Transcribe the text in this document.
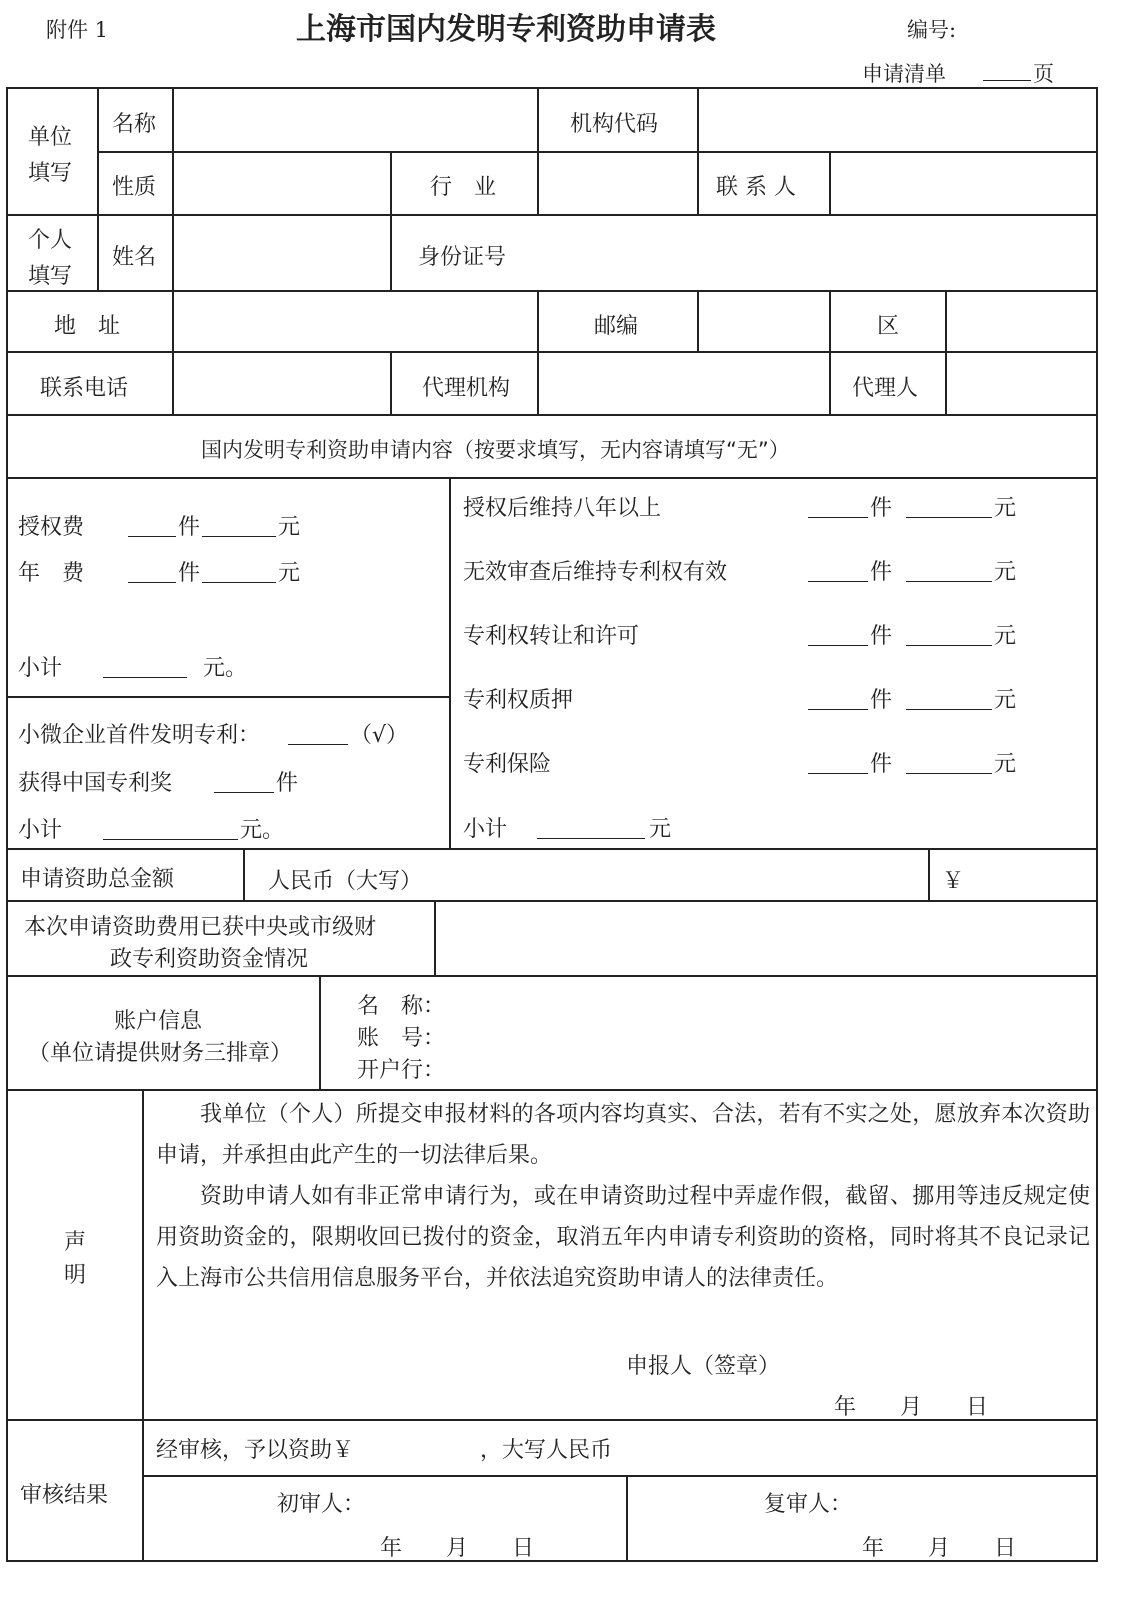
附件 1	上海市国内发明专利资助申请表	编号:
申请清单	页
单位
填写
名称	机构代码
性质	行　业	联 系 人
个人
填写
姓名	身份证号
地　址	邮编	区
联系电话	代理机构	代理人
国内发明专利资助申请内容（按要求填写，无内容请填写“无”）
授权费	件	元
年　费	件	元
小计	元。
小微企业首件发明专利：	（√）
获得中国专利奖	件
小计	元。
授权后维持八年以上	件	元
无效审查后维持专利权有效	件	元
专利权转让和许可	件	元
专利权质押	件	元
专利保险	件	元
小计	元
申请资助总金额	人民币（大写）	￥
本次申请资助费用已获中央或市级财
政专利资助资金情况
账户信息
（单位请提供财务三排章）
名　称：
账　号：
开户行：
声
明
我单位（个人）所提交申报材料的各项内容均真实、合法，若有不实之处，愿放弃本次资助申请，并承担由此产生的一切法律后果。
资助申请人如有非正常申请行为，或在申请资助过程中弄虚作假，截留、挪用等违反规定使用资助资金的，限期收回已拨付的资金，取消五年内申请专利资助的资格，同时将其不良记录记入上海市公共信用信息服务平台，并依法追究资助申请人的法律责任。
申报人（签章）
年　　月　　日
审核结果
经审核，予以资助￥	，大写人民币
初审人：
年　　月　　日
复审人：
年　　月　　日
